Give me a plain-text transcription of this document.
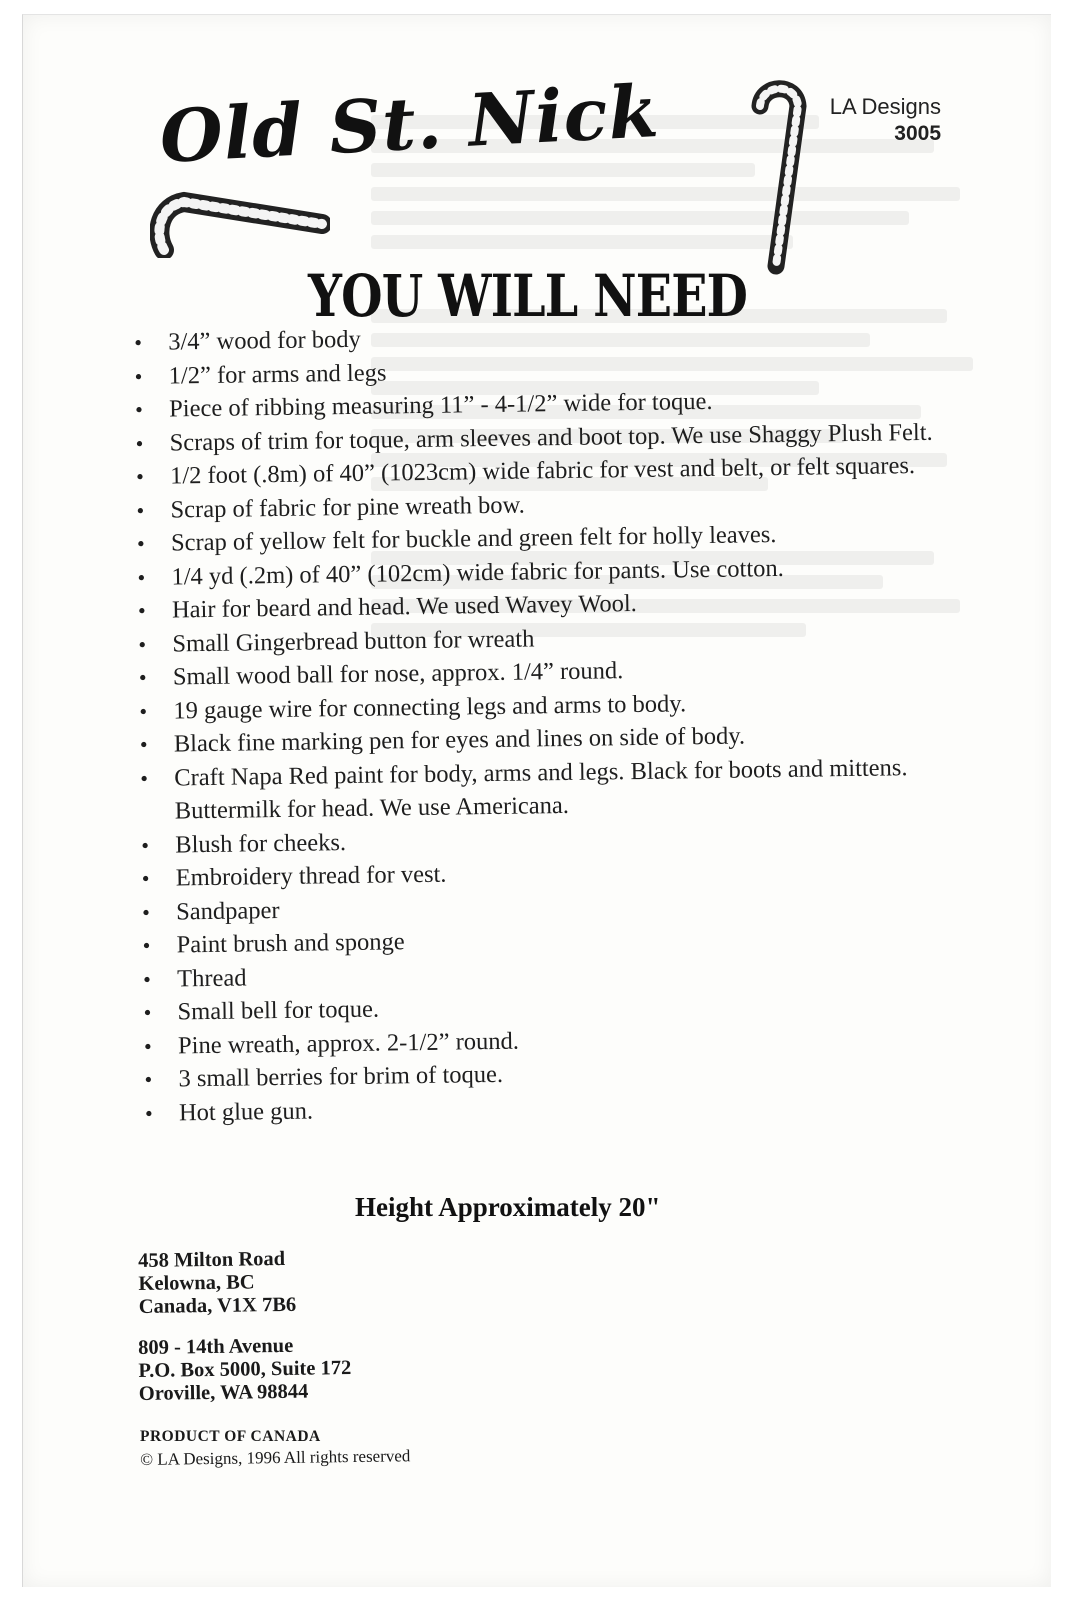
LA Designs
3005
Old St. Nick
YOU WILL NEED
• 3/4” wood for body
• 1/2” for arms and legs
• Piece of ribbing measuring 11” - 4-1/2” wide for toque.
• Scraps of trim for toque, arm sleeves and boot top. We use Shaggy Plush Felt.
• 1/2 foot (.8m) of 40” (1023cm) wide fabric for vest and belt, or felt squares.
• Scrap of fabric for pine wreath bow.
• Scrap of yellow felt for buckle and green felt for holly leaves.
• 1/4 yd (.2m) of 40” (102cm) wide fabric for pants. Use cotton.
• Hair for beard and head. We used Wavey Wool.
• Small Gingerbread button for wreath
• Small wood ball for nose, approx. 1/4” round.
• 19 gauge wire for connecting legs and arms to body.
• Black fine marking pen for eyes and lines on side of body.
• Craft Napa Red paint for body, arms and legs. Black for boots and mittens. Buttermilk for head. We use Americana.
• Blush for cheeks.
• Embroidery thread for vest.
• Sandpaper
• Paint brush and sponge
• Thread
• Small bell for toque.
• Pine wreath, approx. 2-1/2” round.
• 3 small berries for brim of toque.
• Hot glue gun.
Height Approximately 20"
458 Milton Road
Kelowna, BC
Canada, V1X 7B6
809 - 14th Avenue
P.O. Box 5000, Suite 172
Oroville, WA 98844
PRODUCT OF CANADA
© LA Designs, 1996 All rights reserved
